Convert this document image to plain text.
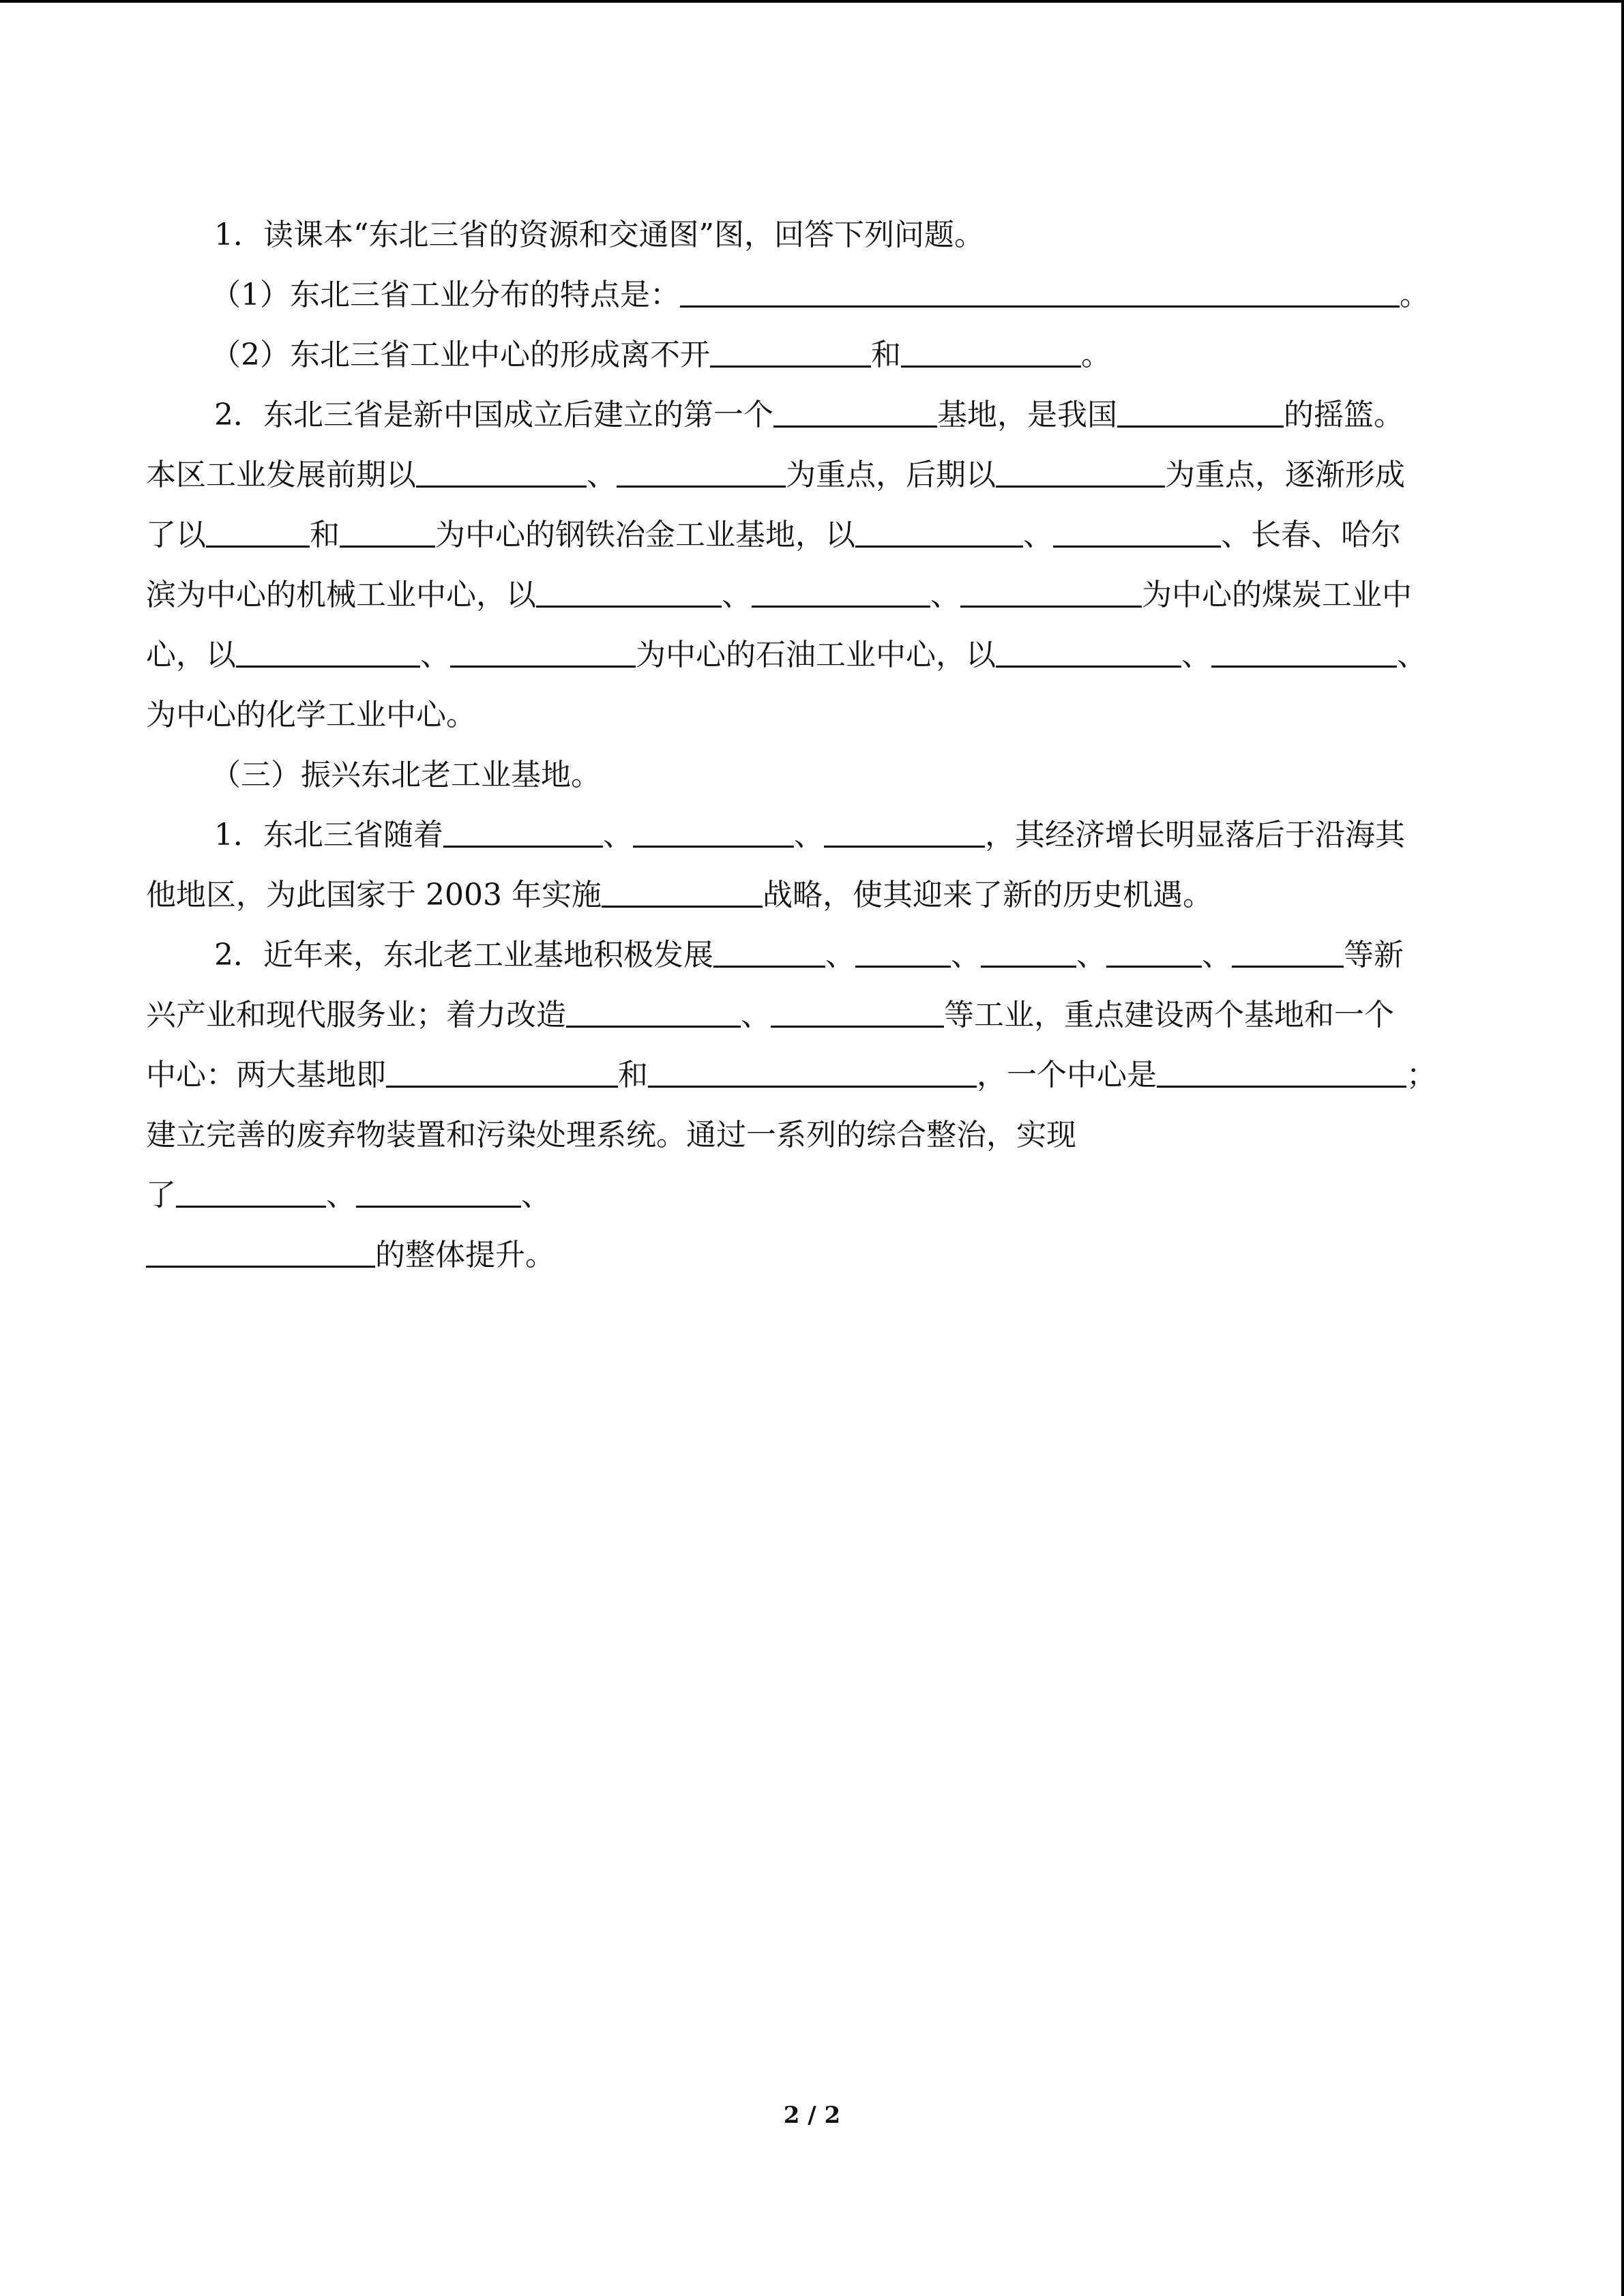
1．读课本“东北三省的资源和交通图”图，回答下列问题。
（1）东北三省工业分布的特点是：	。
（2）东北三省工业中心的形成离不开	和	。
2．东北三省是新中国成立后建立的第一个	基地，是我国	的摇篮。
本区工业发展前期以	、	为重点，后期以	为重点，逐渐形成
了以	和	为中心的钢铁冶金工业基地，以	、	、长春、哈尔
滨为中心的机械工业中心，以	、	、	为中心的煤炭工业中
心，以	、	为中心的石油工业中心，以	、	、
为中心的化学工业中心。
（三）振兴东北老工业基地。
1．东北三省随着	、	、	，其经济增长明显落后于沿海其
他地区，为此国家于 2003 年实施	战略，使其迎来了新的历史机遇。
2．近年来，东北老工业基地积极发展	、	、	、	、	等新
兴产业和现代服务业；着力改造	、	等工业，重点建设两个基地和一个
中心：两大基地即	和	，一个中心是	；
建立完善的废弃物装置和污染处理系统。通过一系列的综合整治，实现
了	、	、
的整体提升。
2 / 2
